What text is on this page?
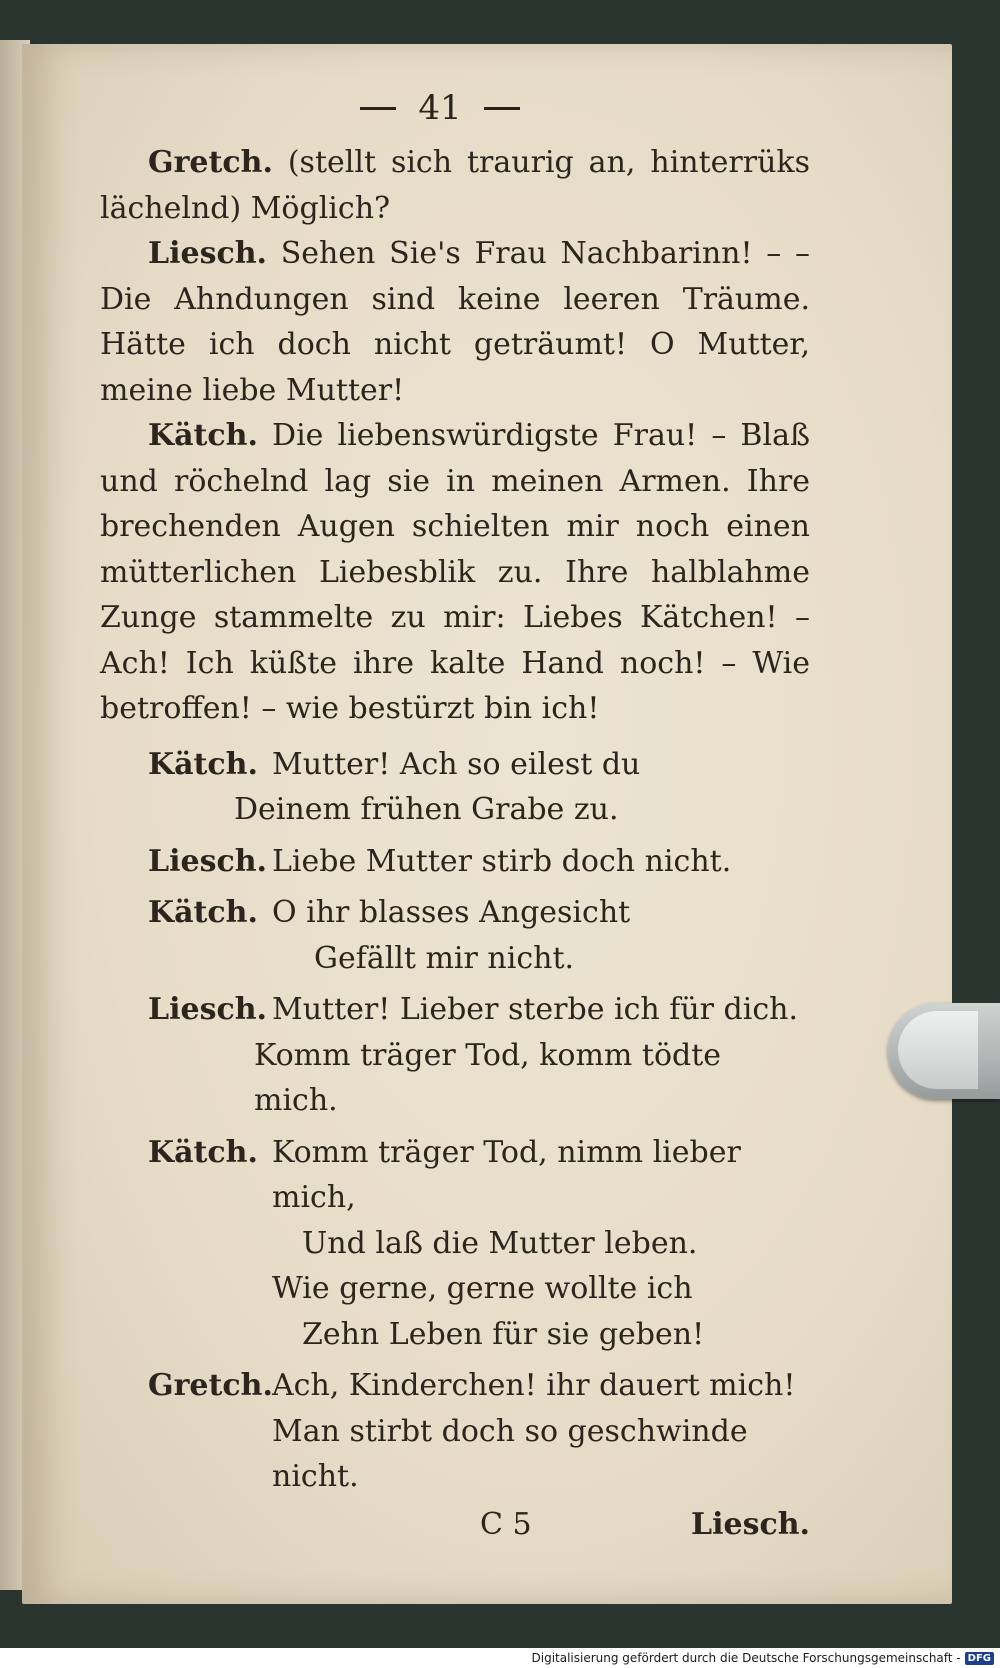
41

Gretch. (stellt sich traurig an, hinterrüks lächelnd) Möglich?

Liesch. Sehen Sie's Frau Nachbarinn! – – Die Ahndungen sind keine leeren Träume. Hätte ich doch nicht geträumt! O Mutter, meine liebe Mutter!

Kätch. Die liebenswürdigste Frau! – Blaß und röchelnd lag sie in meinen Armen. Ihre brechenden Augen schielten mir noch einen mütterlichen Liebesblik zu. Ihre halblahme Zunge stammelte zu mir: Liebes Kätchen! – Ach! Ich küßte ihre kalte Hand noch! – Wie betroffen! – wie bestürzt bin ich!

Kätch. Mutter! Ach so eilest du
Deinem frühen Grabe zu.
Liesch. Liebe Mutter stirb doch nicht.
Kätch. O ihr blasses Angesicht
Gefällt mir nicht.
Liesch. Mutter! Lieber sterbe ich für dich.
Komm träger Tod, komm tödte mich.
Kätch. Komm träger Tod, nimm lieber mich,
Und laß die Mutter leben.
Wie gerne, gerne wollte ich
Zehn Leben für sie geben!
Gretch. Ach, Kinderchen! ihr dauert mich!
Man stirbt doch so geschwinde nicht.
C 5	Liesch.
Digitalisierung gefördert durch die Deutsche Forschungsgemeinschaft - DFG
